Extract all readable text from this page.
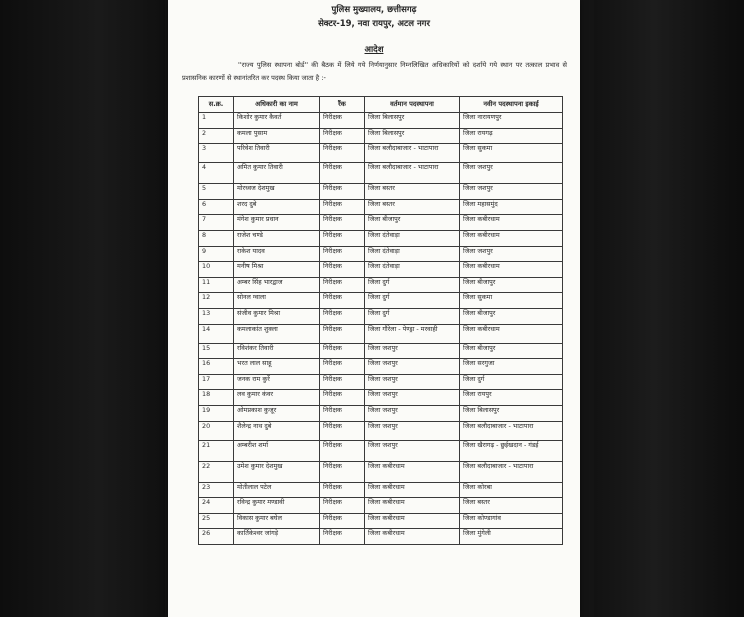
पुलिस मुख्यालय, छत्तीसगढ़
सेक्टर-19, नवा रायपुर, अटल नगर
आदेश
''राज्य पुलिस स्थापना बोर्ड'' की बैठक में लिये गये निर्णयानुसार निम्नलिखित अधिकारियों को दर्शाये गये स्थान पर तत्काल प्रभाव से प्रशासनिक कारणों से स्थानांतरित कर पदस्थ किया जाता है :-
स.क्र.	अधिकारी का नाम	रैंक	वर्तमान पदस्थापना	नवीन पदस्थापना इकाई
1	किशोर कुमार कैवर्त	निरीक्षक	जिला बिलासपुर	जिला नारायणपुर
2	कमला पुसाम	निरीक्षक	जिला बिलासपुर	जिला रायगढ़
3	परिवेश तिवारी	निरीक्षक	जिला बलौदाबाजार - भाटापारा	जिला सुकमा
4	अमित कुमार तिवारी	निरीक्षक	जिला बलौदाबाजार - भाटापारा	जिला जशपुर
5	मोरध्वज देशमुख	निरीक्षक	जिला बस्तर	जिला जशपुर
6	शरद दुबे	निरीक्षक	जिला बस्तर	जिला महासमुंद
7	मंगेश कुमार प्रधान	निरीक्षक	जिला बीजापुर	जिला कबीरधाम
8	राजेश चण्डे	निरीक्षक	जिला दंतेवाड़ा	जिला कबीरधाम
9	राकेश यादव	निरीक्षक	जिला दंतेवाड़ा	जिला जशपुर
10	मनीष मिश्रा	निरीक्षक	जिला दंतेवाड़ा	जिला कबीरधाम
11	अम्बर सिंह भारद्वाज	निरीक्षक	जिला दुर्ग	जिला बीजापुर
12	सोनल ग्वाला	निरीक्षक	जिला दुर्ग	जिला सुकमा
13	संजीव कुमार मिश्रा	निरीक्षक	जिला दुर्ग	जिला बीजापुर
14	कमलाकांत शुक्ला	निरीक्षक	जिला गौरेला - पेण्ड्रा - मरवाही	जिला कबीरधाम
15	रविशंकर तिवारी	निरीक्षक	जिला जशपुर	जिला बीजापुर
16	भरत लाल साहू	निरीक्षक	जिला जशपुर	जिला सरगुजा
17	जनक राम कुर्रे	निरीक्षक	जिला जशपुर	जिला दुर्ग
18	लव कुमार कंवर	निरीक्षक	जिला जशपुर	जिला रायपुर
19	ओमप्रकाश कुजूर	निरीक्षक	जिला जशपुर	जिला बिलासपुर
20	शैलेन्द्र नाथ दुबे	निरीक्षक	जिला जशपुर	जिला बलौदाबाजार - भाटापारा
21	अम्बरीश शर्मा	निरीक्षक	जिला जशपुर	जिला खैरागढ़ - छुईखदान - गंडई
22	उमेश कुमार देशमुख	निरीक्षक	जिला कबीरधाम	जिला बलौदाबाजार - भाटापारा
23	मोतीलाल पटेल	निरीक्षक	जिला कबीरधाम	जिला कोरबा
24	रविन्द्र कुमार मण्डावी	निरीक्षक	जिला कबीरधाम	जिला बस्तर
25	विकास कुमार बघेल	निरीक्षक	जिला कबीरधाम	जिला कोण्डागांव
26	कार्तिकेश्वर जांगड़े	निरीक्षक	जिला कबीरधाम	जिला मुंगेली
